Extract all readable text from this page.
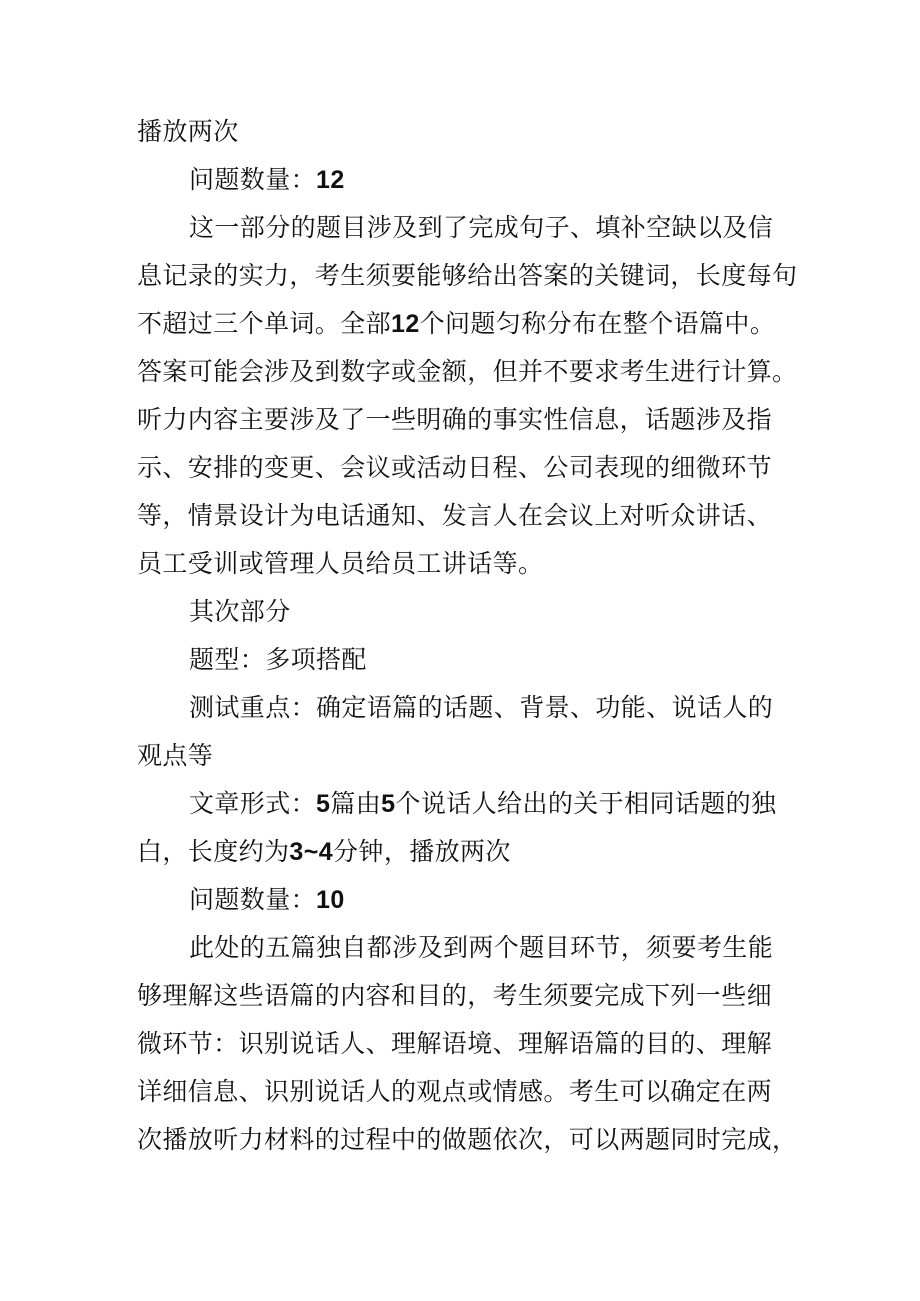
播放两次
问题数量：12
这一部分的题目涉及到了完成句子、填补空缺以及信
息记录的实力，考生须要能够给出答案的关键词，长度每句
不超过三个单词。全部12个问题匀称分布在整个语篇中。
答案可能会涉及到数字或金额，但并不要求考生进行计算。
听力内容主要涉及了一些明确的事实性信息，话题涉及指
示、安排的变更、会议或活动日程、公司表现的细微环节
等，情景设计为电话通知、发言人在会议上对听众讲话、
员工受训或管理人员给员工讲话等。
其次部分
题型：多项搭配
测试重点：确定语篇的话题、背景、功能、说话人的
观点等
文章形式：5篇由5个说话人给出的关于相同话题的独
白，长度约为3~4分钟，播放两次
问题数量：10
此处的五篇独自都涉及到两个题目环节，须要考生能
够理解这些语篇的内容和目的，考生须要完成下列一些细
微环节：识别说话人、理解语境、理解语篇的目的、理解
详细信息、识别说话人的观点或情感。考生可以确定在两
次播放听力材料的过程中的做题依次，可以两题同时完成，
